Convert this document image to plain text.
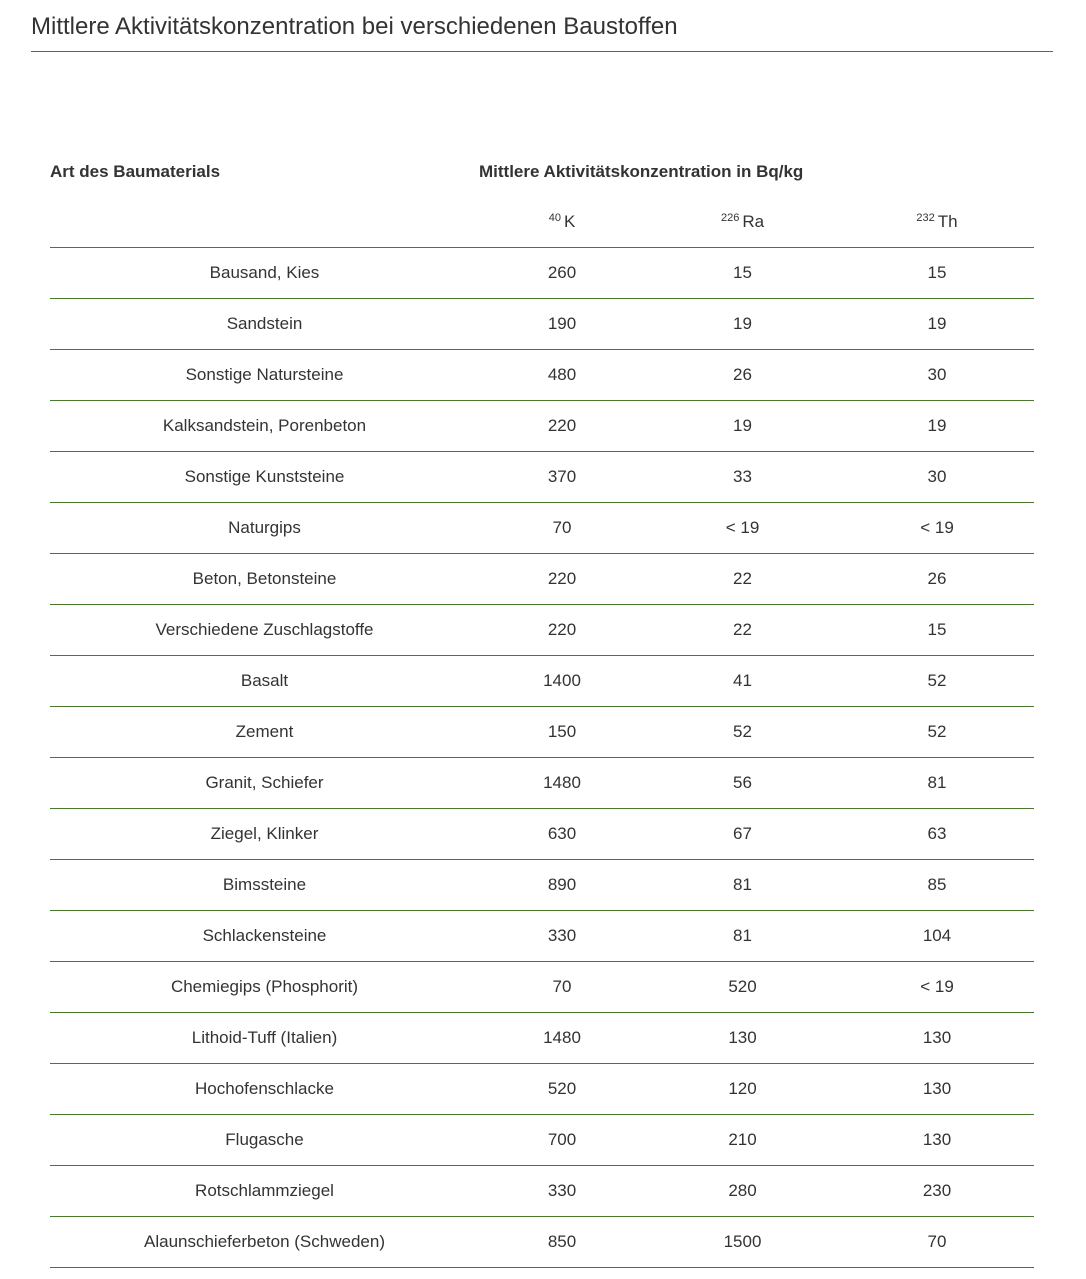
Mittlere Aktivitätskonzentration bei verschiedenen Baustoffen
Art des Baumaterials	Mittlere Aktivitätskonzentration in Bq/kg		
	$^{40}$ K	$^{226}$ Ra	$^{232}$ Th
Bausand, Kies	260	15	15
Sandstein	190	19	19
Sonstige Natursteine	480	26	30
Kalksandstein, Porenbeton	220	19	19
Sonstige Kunststeine	370	33	30
Naturgips	70	< 19	< 19
Beton, Betonsteine	220	22	26
Verschiedene Zuschlagstoffe	220	22	15
Basalt	1400	41	52
Zement	150	52	52
Granit, Schiefer	1480	56	81
Ziegel, Klinker	630	67	63
Bimssteine	890	81	85
Schlackensteine	330	81	104
Chemiegips (Phosphorit)	70	520	< 19
Lithoid-Tuff (Italien)	1480	130	130
Hochofenschlacke	520	120	130
Flugasche	700	210	130
Rotschlammziegel	330	280	230
Alaunschieferbeton (Schweden)	850	1500	70
